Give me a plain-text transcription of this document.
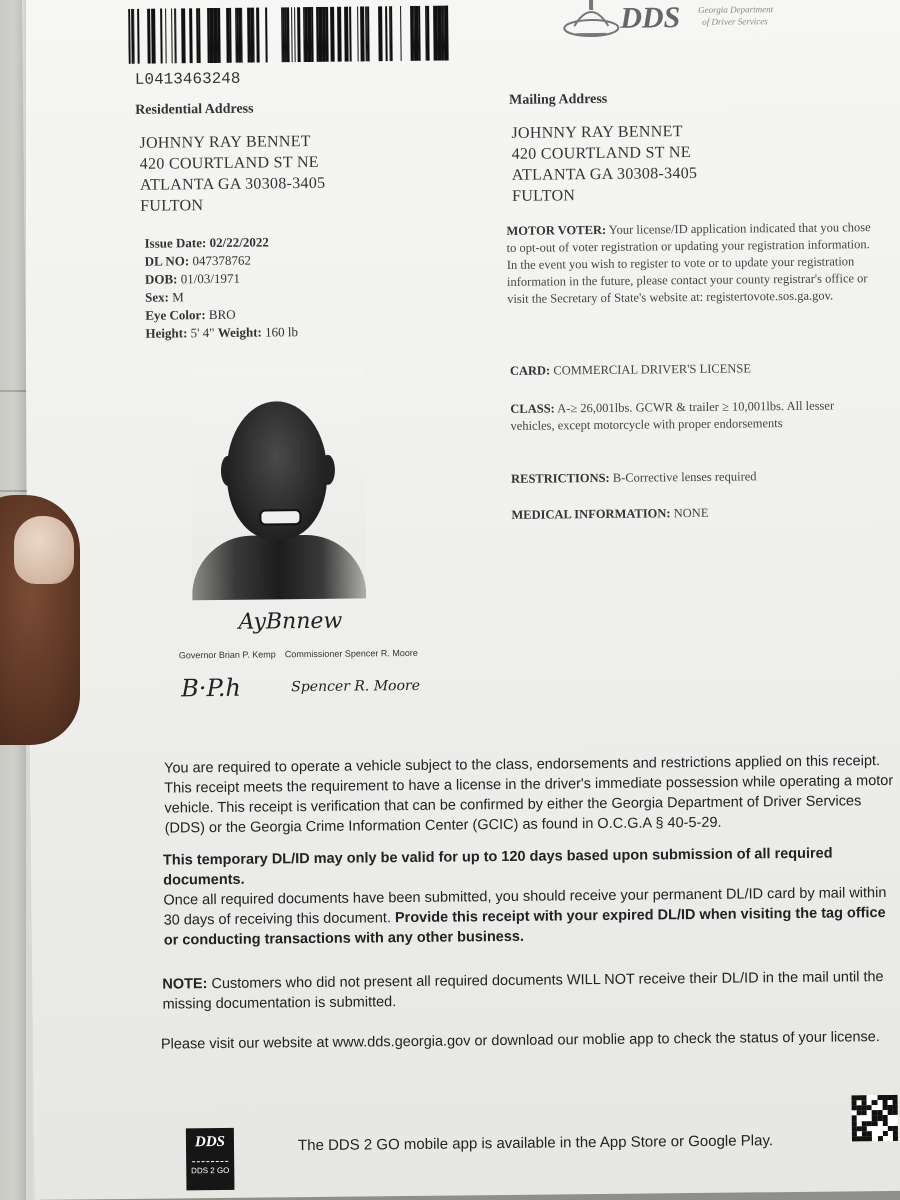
L0413463248
DDS Georgia Department
of Driver Services
Residential Address
JOHNNY RAY BENNET
420 COURTLAND ST NE
ATLANTA GA 30308-3405
FULTON
Mailing Address
JOHNNY RAY BENNET
420 COURTLAND ST NE
ATLANTA GA 30308-3405
FULTON
Issue Date: 02/22/2022
DL NO: 047378762
DOB: 01/03/1971
Sex: M
Eye Color: BRO
Height: 5' 4" Weight: 160 lb
MOTOR VOTER: Your license/ID application indicated that you chose to opt-out of voter registration or updating your registration information. In the event you wish to register to vote or to update your registration information in the future, please contact your county registrar's office or visit the Secretary of State's website at: registertovote.sos.ga.gov.
CARD: COMMERCIAL DRIVER'S LICENSE
CLASS: A-≥ 26,001lbs. GCWR & trailer ≥ 10,001lbs. All lesser vehicles, except motorcycle with proper endorsements
RESTRICTIONS: B-Corrective lenses required
MEDICAL INFORMATION: NONE
AyBnnew
Governor Brian P. Kemp Commissioner Spencer R. Moore
B·P.h	Spencer R. Moore
You are required to operate a vehicle subject to the class, endorsements and restrictions applied on this receipt. This receipt meets the requirement to have a license in the driver's immediate possession while operating a motor vehicle. This receipt is verification that can be confirmed by either the Georgia Department of Driver Services (DDS) or the Georgia Crime Information Center (GCIC) as found in O.C.G.A § 40-5-29.
This temporary DL/ID may only be valid for up to 120 days based upon submission of all required documents.
Once all required documents have been submitted, you should receive your permanent DL/ID card by mail within 30 days of receiving this document. Provide this receipt with your expired DL/ID when visiting the tag office or conducting transactions with any other business.
NOTE: Customers who did not present all required documents WILL NOT receive their DL/ID in the mail until the missing documentation is submitted.
Please visit our website at www.dds.georgia.gov or download our moblie app to check the status of your license.
DDS
DDS 2 GO
The DDS 2 GO mobile app is available in the App Store or Google Play.
